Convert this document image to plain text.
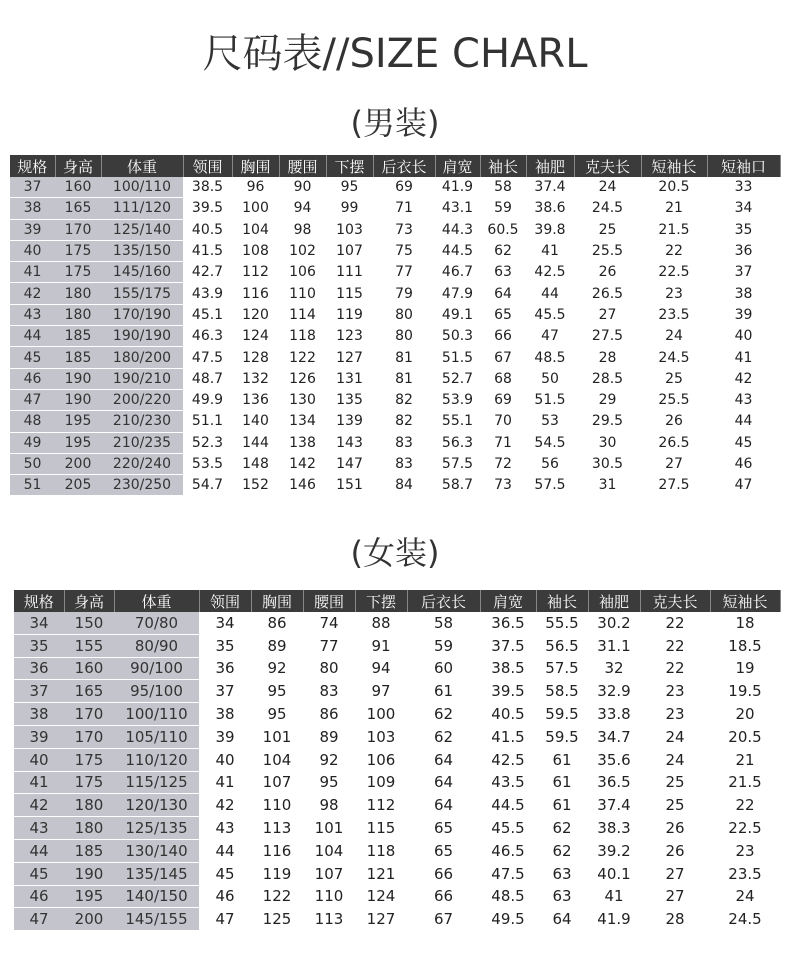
尺码表//SIZE CHARL
(男装)
规格	身高	体重	领围	胸围	腰围	下摆	后衣长	肩宽	袖长	袖肥	克夫长	短袖长	短袖口
37	160	100/110	38.5	96	90	95	69	41.9	58	37.4	24	20.5	33
38	165	111/120	39.5	100	94	99	71	43.1	59	38.6	24.5	21	34
39	170	125/140	40.5	104	98	103	73	44.3	60.5	39.8	25	21.5	35
40	175	135/150	41.5	108	102	107	75	44.5	62	41	25.5	22	36
41	175	145/160	42.7	112	106	111	77	46.7	63	42.5	26	22.5	37
42	180	155/175	43.9	116	110	115	79	47.9	64	44	26.5	23	38
43	180	170/190	45.1	120	114	119	80	49.1	65	45.5	27	23.5	39
44	185	190/190	46.3	124	118	123	80	50.3	66	47	27.5	24	40
45	185	180/200	47.5	128	122	127	81	51.5	67	48.5	28	24.5	41
46	190	190/210	48.7	132	126	131	81	52.7	68	50	28.5	25	42
47	190	200/220	49.9	136	130	135	82	53.9	69	51.5	29	25.5	43
48	195	210/230	51.1	140	134	139	82	55.1	70	53	29.5	26	44
49	195	210/235	52.3	144	138	143	83	56.3	71	54.5	30	26.5	45
50	200	220/240	53.5	148	142	147	83	57.5	72	56	30.5	27	46
51	205	230/250	54.7	152	146	151	84	58.7	73	57.5	31	27.5	47
(女装)
规格	身高	体重	领围	胸围	腰围	下摆	后衣长	肩宽	袖长	袖肥	克夫长	短袖长
34	150	70/80	34	86	74	88	58	36.5	55.5	30.2	22	18
35	155	80/90	35	89	77	91	59	37.5	56.5	31.1	22	18.5
36	160	90/100	36	92	80	94	60	38.5	57.5	32	22	19
37	165	95/100	37	95	83	97	61	39.5	58.5	32.9	23	19.5
38	170	100/110	38	95	86	100	62	40.5	59.5	33.8	23	20
39	170	105/110	39	101	89	103	62	41.5	59.5	34.7	24	20.5
40	175	110/120	40	104	92	106	64	42.5	61	35.6	24	21
41	175	115/125	41	107	95	109	64	43.5	61	36.5	25	21.5
42	180	120/130	42	110	98	112	64	44.5	61	37.4	25	22
43	180	125/135	43	113	101	115	65	45.5	62	38.3	26	22.5
44	185	130/140	44	116	104	118	65	46.5	62	39.2	26	23
45	190	135/145	45	119	107	121	66	47.5	63	40.1	27	23.5
46	195	140/150	46	122	110	124	66	48.5	63	41	27	24
47	200	145/155	47	125	113	127	67	49.5	64	41.9	28	24.5
